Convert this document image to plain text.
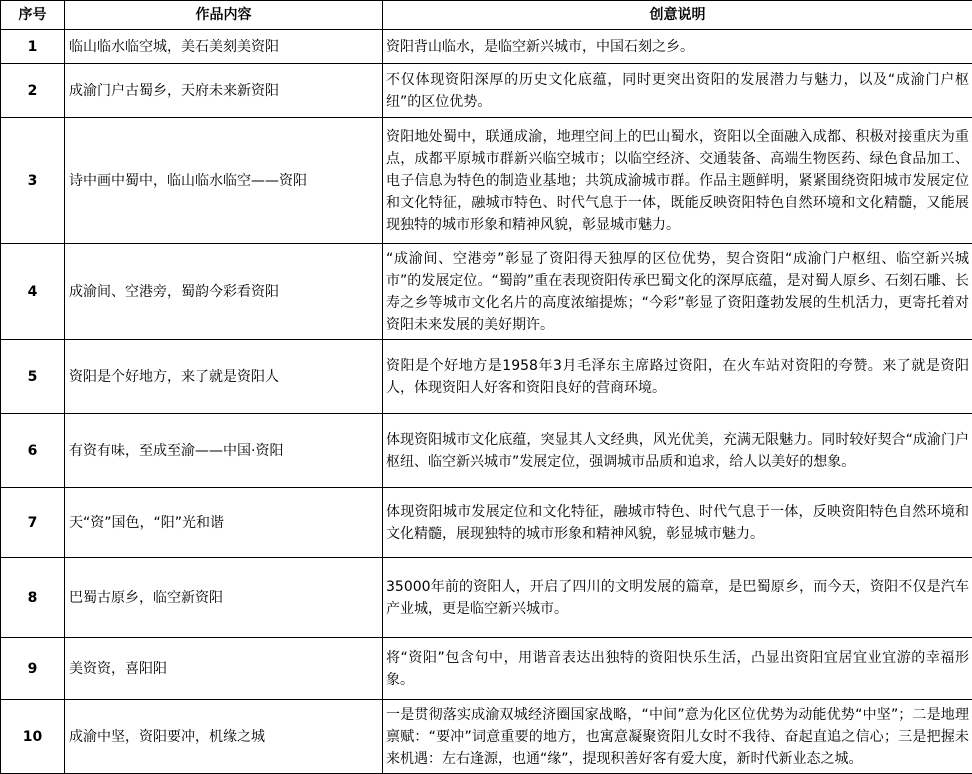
序号	作品内容	创意说明
1	临山临水临空城，美石美刻美资阳	资阳背山临水，是临空新兴城市，中国石刻之乡。
2	成渝门户古蜀乡，天府未来新资阳	不仅体现资阳深厚的历史文化底蕴，同时更突出资阳的发展潜力与魅力，以及“成渝门户枢纽”的区位优势。
3	诗中画中蜀中，临山临水临空——资阳	资阳地处蜀中，联通成渝，地理空间上的巴山蜀水，资阳以全面融入成都、积极对接重庆为重点，成都平原城市群新兴临空城市；以临空经济、交通装备、高端生物医药、绿色食品加工、电子信息为特色的制造业基地；共筑成渝城市群。作品主题鲜明，紧紧围绕资阳城市发展定位和文化特征，融城市特色、时代气息于一体，既能反映资阳特色自然环境和文化精髓，又能展现独特的城市形象和精神风貌，彰显城市魅力。
4	成渝间、空港旁，蜀韵今彩看资阳	“成渝间、空港旁”彰显了资阳得天独厚的区位优势，契合资阳“成渝门户枢纽、临空新兴城市”的发展定位。“蜀韵”重在表现资阳传承巴蜀文化的深厚底蕴，是对蜀人原乡、石刻石雕、长寿之乡等城市文化名片的高度浓缩提炼；“今彩”彰显了资阳蓬勃发展的生机活力，更寄托着对资阳未来发展的美好期许。
5	资阳是个好地方，来了就是资阳人	资阳是个好地方是1958年3月毛泽东主席路过资阳，在火车站对资阳的夸赞。来了就是资阳人，体现资阳人好客和资阳良好的营商环境。
6	有资有味，至成至渝——中国·资阳	体现资阳城市文化底蕴，突显其人文经典，风光优美，充满无限魅力。同时较好契合“成渝门户枢纽、临空新兴城市”发展定位，强调城市品质和追求，给人以美好的想象。
7	天“资”国色，“阳”光和谐	体现资阳城市发展定位和文化特征，融城市特色、时代气息于一体，反映资阳特色自然环境和文化精髓，展现独特的城市形象和精神风貌，彰显城市魅力。
8	巴蜀古原乡，临空新资阳	35000年前的资阳人，开启了四川的文明发展的篇章，是巴蜀原乡，而今天，资阳不仅是汽车产业城，更是临空新兴城市。
9	美资资，喜阳阳	将“资阳”包含句中，用谐音表达出独特的资阳快乐生活，凸显出资阳宜居宜业宜游的幸福形象。
10	成渝中坚，资阳要冲，机缘之城	一是贯彻落实成渝双城经济圈国家战略，“中间”意为化区位优势为动能优势“中坚”；二是地理禀赋：“要冲”词意重要的地方，也寓意凝聚资阳儿女时不我待、奋起直追之信心；三是把握未来机遇：左右逢源，也通“缘”，提现积善好客有爱大度，新时代新业态之城。
